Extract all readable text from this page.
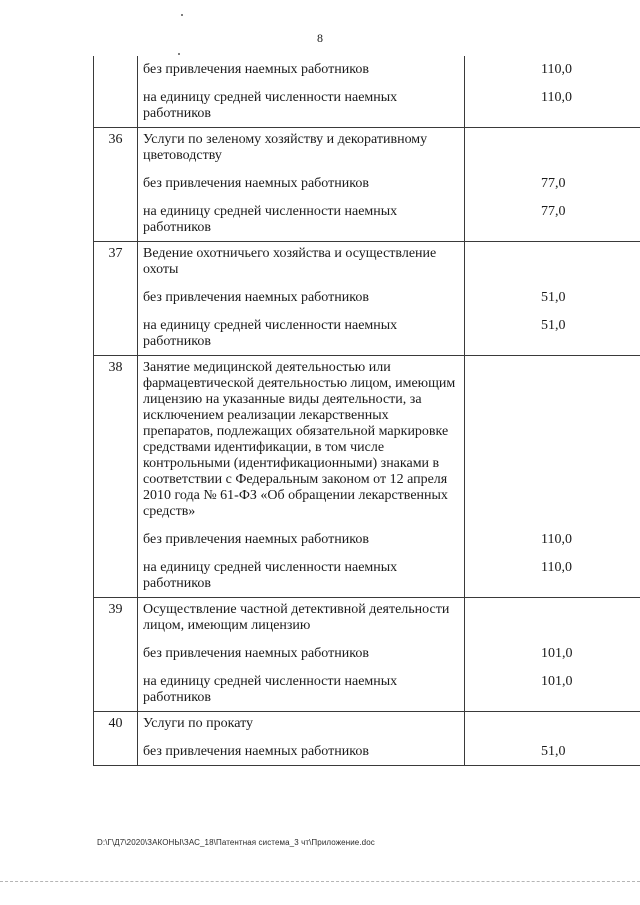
8
	без привлечения наемных работников	110,0
	на единицу средней численности наемных работников	110,0
36	Услуги по зеленому хозяйству и декоративному цветоводству	
	без привлечения наемных работников	77,0
	на единицу средней численности наемных работников	77,0
37	Ведение охотничьего хозяйства и осуществление охоты	
	без привлечения наемных работников	51,0
	на единицу средней численности наемных работников	51,0
38	Занятие медицинской деятельностью или фармацевтической деятельностью лицом, имеющим лицензию на указанные виды деятельности, за исключением реализации лекарственных препаратов, подлежащих обязательной маркировке средствами идентификации, в том числе контрольными (идентификационными) знаками в соответствии с Федеральным законом от 12 апреля 2010 года № 61-ФЗ «Об обращении лекарственных средств»	
	без привлечения наемных работников	110,0
	на единицу средней численности наемных работников	110,0
39	Осуществление частной детективной деятельности лицом, имеющим лицензию	
	без привлечения наемных работников	101,0
	на единицу средней численности наемных работников	101,0
40	Услуги по прокату	
	без привлечения наемных работников	51,0
D:\Г\Д7\2020\ЗАКОНЫ\ЗАС_18\Патентная система_3 чт\Приложение.doc
